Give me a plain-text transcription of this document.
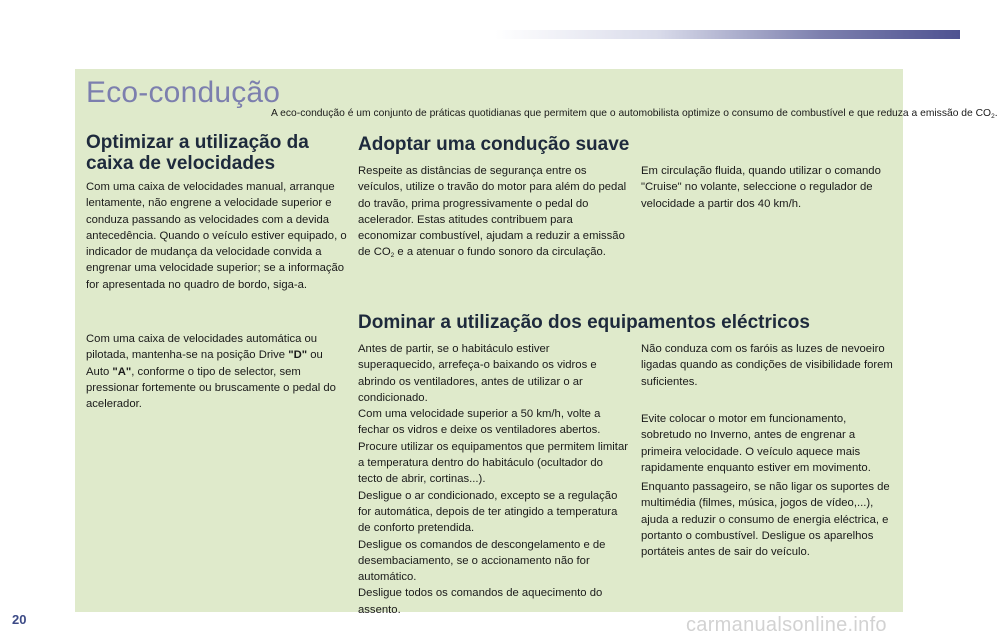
Eco-condução
A eco-condução é um conjunto de práticas quotidianas que permitem que o automobilista optimize o consumo de combustível e que reduza a emissão de $CO_2$.
Optimizar a utilização da caixa de velocidades
Com uma caixa de velocidades manual, arranque lentamente, não engrene a velocidade superior e conduza passando as velocidades com a devida antecedência. Quando o veículo estiver equipado, o indicador de mudança da velocidade convida a engrenar uma velocidade superior; se a informação for apresentada no quadro de bordo, siga-a.
Com uma caixa de velocidades automática ou pilotada, mantenha-se na posição Drive "D" ou Auto "A", conforme o tipo de selector, sem pressionar fortemente ou bruscamente o pedal do acelerador.
Adoptar uma condução suave
Respeite as distâncias de segurança entre os veículos, utilize o travão do motor para além do pedal do travão, prima progressivamente o pedal do acelerador. Estas atitudes contribuem para economizar combustível, ajudam a reduzir a emissão de $CO_2$ e a atenuar o fundo sonoro da circulação.
Em circulação fluida, quando utilizar o comando "Cruise" no volante, seleccione o regulador de velocidade a partir dos 40 km/h.
Dominar a utilização dos equipamentos eléctricos
Antes de partir, se o habitáculo estiver superaquecido, arrefeça-o baixando os vidros e abrindo os ventiladores, antes de utilizar o ar condicionado.
Com uma velocidade superior a 50 km/h, volte a fechar os vidros e deixe os ventiladores abertos.
Procure utilizar os equipamentos que permitem limitar a temperatura dentro do habitáculo (ocultador do tecto de abrir, cortinas...).
Desligue o ar condicionado, excepto se a regulação for automática, depois de ter atingido a temperatura de conforto pretendida.
Desligue os comandos de descongelamento e de desembaciamento, se o accionamento não for automático.
Desligue todos os comandos de aquecimento do assento.
Não conduza com os faróis as luzes de nevoeiro ligadas quando as condições de visibilidade forem suficientes.
Evite colocar o motor em funcionamento, sobretudo no Inverno, antes de engrenar a primeira velocidade. O veículo aquece mais rapidamente enquanto estiver em movimento.
Enquanto passageiro, se não ligar os suportes de multimédia (filmes, música, jogos de vídeo,...), ajuda a reduzir o consumo de energia eléctrica, e portanto o combustível. Desligue os aparelhos portáteis antes de sair do veículo.
20	carmanualsonline.info
